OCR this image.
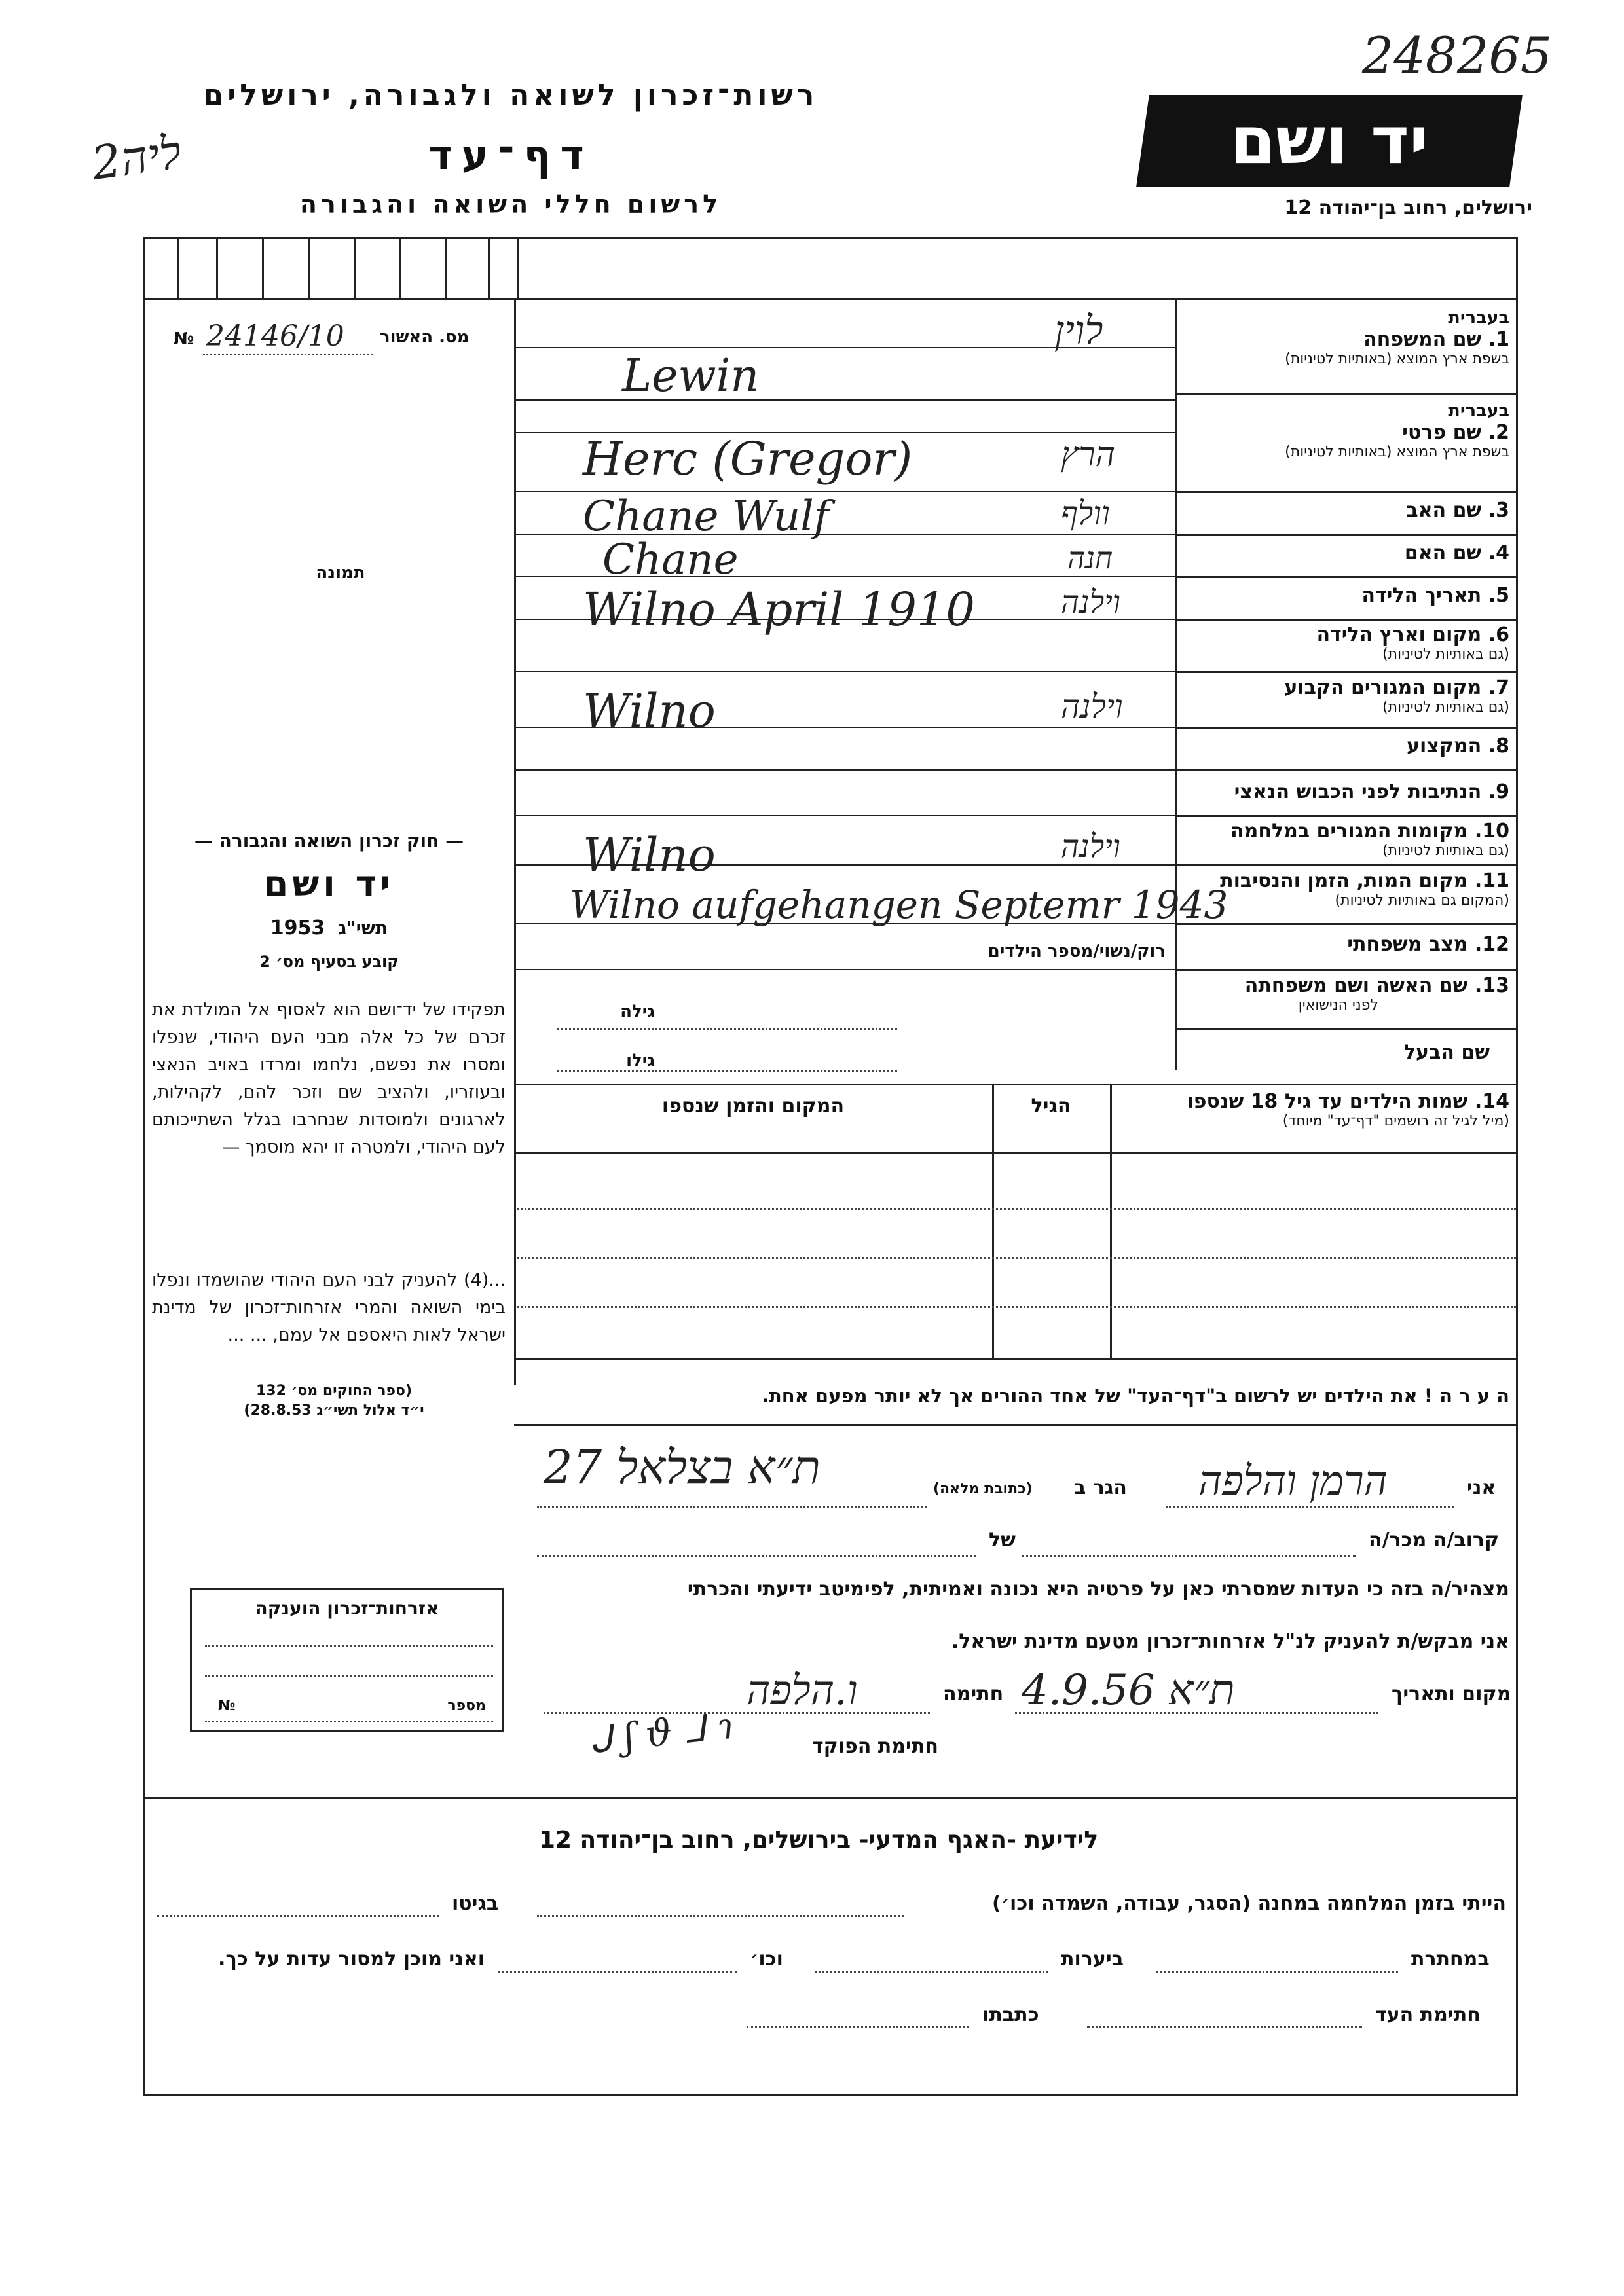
רשות־זכרון לשואה ולגבורה, ירושלים
דף־עד
לרשום חללי השואה והגבורה
ליה2	יד ושם
248265
ירושלים, רחוב בן־יהודה 12
מס. האשור
№ 24146/10
תמונה
— חוק זכרון השואה והגבורה —
יד ושם
1953 תשי"ג
קובע בסעיף מס׳ 2
תפקידו של יד־ושם הוא לאסוף אל המולדת את זכרם של כל אלה מבני העם היהודי, שנפלו ומסרו את נפשם, נלחמו ומרדו באויב הנאצי ובעוזריו, ולהציב שם וזכר להם, לקהילות, לארגונים ולמוסדות שנחרבו בגלל השתייכותם לעם היהודי, ולמטרה זו יהא מוסמך —
...(4) להעניק לבני העם היהודי שהושמדו ונפלו בימי השואה והמרי אזרחות־זכרון של מדינת ישראל לאות היאספם אל עמם, ... ...
(ספר החוקים מס׳ 132
י״ד אלול תשי״ג 28.8.53)
אזרחות־זכרון הוענקה
מספר
№
בעברית
1. שם המשפחה
בשפת ארץ המוצא (באותיות לטיניות)
בעברית
2. שם פרטי
בשפת ארץ המוצא (באותיות לטיניות)
3. שם האב
4. שם האם
5. תאריך הלידה
6. מקום וארץ הלידה
(גם באותיות לטיניות)
7. מקום המגורים הקבוע
(גם באותיות לטיניות)
8. המקצוע
9. הנתיבות לפני הכבוש הנאצי
10. מקומות המגורים במלחמה
(גם באותיות לטיניות)
11. מקום המות, הזמן והנסיבות
(המקום גם באותיות לטיניות)
12. מצב משפחתי
רוק/נשוי/מספר הילדים
13. שם האשה ושם משפחתה
לפני הנישואין
גילה
שם הבעל
גילו
לוין
הרץ
וולף
חנה
וילנה
וילנה
וילנה
Lewin
Herc (Gregor)
Chane Wulf
Chane
Wilno April 1910
Wilno
Wilno
Wilno aufgehangen Septemr 1943
14. שמות הילדים עד גיל 18 שנספו
(מיל לגיל זה רושמים "דף־עד" מיוחד)
הגיל
המקום והזמן שנספו
ה ע ר ה ! את הילדים יש לרשום ב"דף־העד" של אחד ההורים אך לא יותר מפעם אחת.
אני
הרמן והלפה
הגר ב
(כתובת מלאה)
ת״א בצלאל 27
קרוב/ה מכר/ה
של
מצהיר/ה בזה כי העדות שמסרתי כאן על פרטיה היא נכונה ואמיתית, לפימיטב ידיעתי והכרתי
אני מבקש/ת להעניק לנ"ל אזרחות־זכרון מטעם מדינת ישראל.
מקום ותאריך
ת״א 4.9.56
חתימה
ו.הלפה
חתימת הפוקד
ᒍ ʃ ϑ ᒧ ɿ
לידיעת -האגף המדעי- בירושלים, רחוב בן־יהודה 12
הייתי בזמן המלחמה במחנה (הסגר, עבודה, השמדה וכו׳)
בגיטו
במחתרת
ביערות
וכו׳
ואני מוכן למסור עדות על כך.
חתימת העד
כתבתו
